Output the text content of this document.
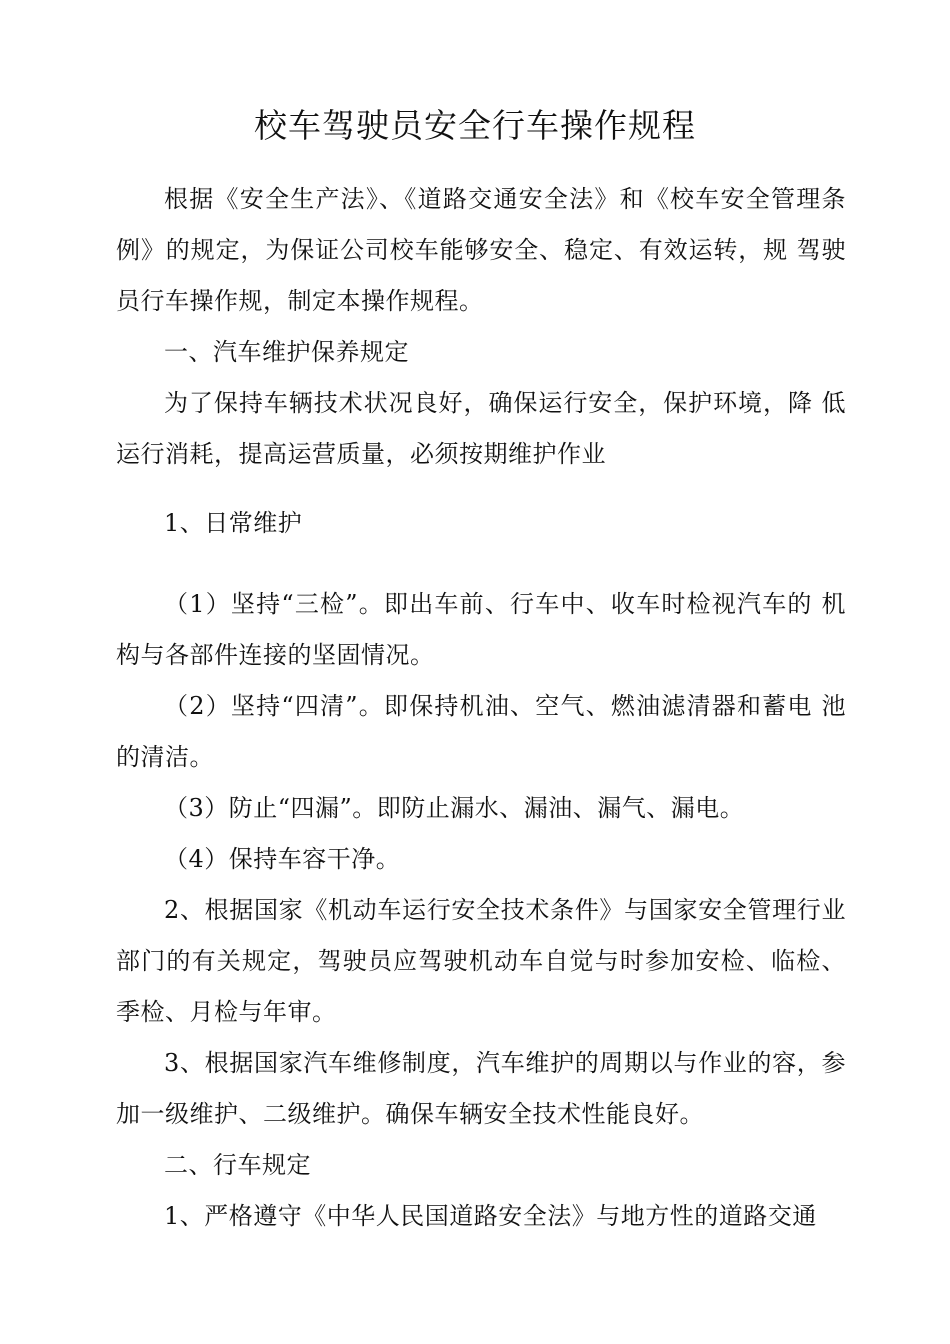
校车驾驶员安全行车操作规程

根据《安全生产法》、《道路交通安全法》和《校车安全管理条例》的规定，为保证公司校车能够安全、稳定、有效运转，规 驾驶员行车操作规，制定本操作规程。

一、汽车维护保养规定

为了保持车辆技术状况良好，确保运行安全，保护环境，降 低运行消耗，提高运营质量，必须按期维护作业

1、日常维护

（1）坚持“三检”。即出车前、行车中、收车时检视汽车的 机构与各部件连接的坚固情况。

（2）坚持“四清”。即保持机油、空气、燃油滤清器和蓄电 池的清洁。

（3）防止“四漏”。即防止漏水、漏油、漏气、漏电。

（4）保持车容干净。

2、根据国家《机动车运行安全技术条件》与国家安全管理行业部门的有关规定，驾驶员应驾驶机动车自觉与时参加安检、临检、季检、月检与年审。

3、根据国家汽车维修制度，汽车维护的周期以与作业的容，参加一级维护、二级维护。确保车辆安全技术性能良好。

二、行车规定

1、严格遵守《中华人民国道路安全法》与地方性的道路交通
